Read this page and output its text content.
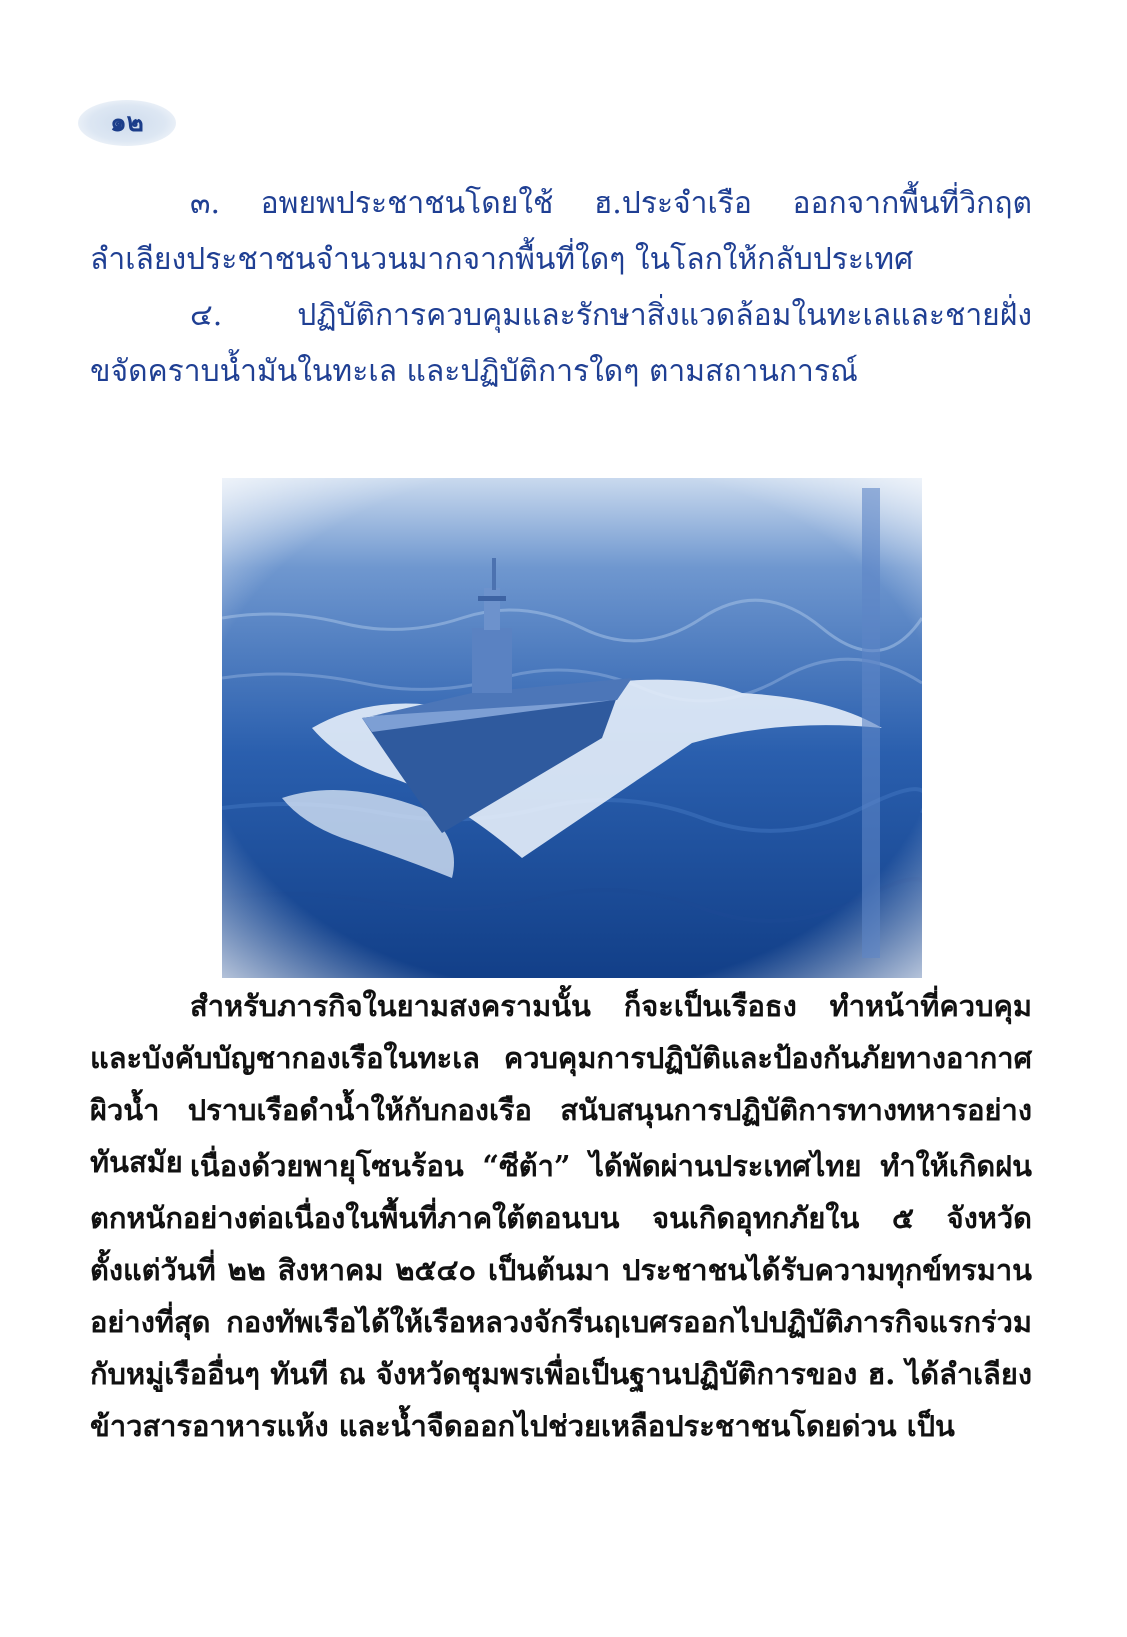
๑๒

๓. อพยพประชาชนโดยใช้ ฮ.ประจำเรือ ออกจากพื้นที่วิกฤต ลำเลียงประชาชนจำนวนมากจากพื้นที่ใดๆ ในโลกให้กลับประเทศ

๔. ปฏิบัติการควบคุมและรักษาสิ่งแวดล้อมในทะเลและชายฝั่ง ขจัดคราบน้ำมันในทะเล และปฏิบัติการใดๆ ตามสถานการณ์

สำหรับภารกิจในยามสงครามนั้น ก็จะเป็นเรือธง ทำหน้าที่ควบคุมและบังคับบัญชากองเรือในทะเล ควบคุมการปฏิบัติและป้องกันภัยทางอากาศ ผิวน้ำ ปราบเรือดำน้ำให้กับกองเรือ สนับสนุนการปฏิบัติการทางทหารอย่างทันสมัย เนื่องด้วยพายุโซนร้อน “ซีต้า” ได้พัดผ่านประเทศไทย ทำให้เกิดฝนตกหนักอย่างต่อเนื่องในพื้นที่ภาคใต้ตอนบน จนเกิดอุทกภัยใน ๕ จังหวัด ตั้งแต่วันที่ ๒๒ สิงหาคม ๒๕๔๐ เป็นต้นมา ประชาชนได้รับความทุกข์ทรมานอย่างที่สุด กองทัพเรือได้ให้เรือหลวงจักรีนฤเบศรออกไปปฏิบัติภารกิจแรกร่วมกับหมู่เรืออื่นๆ ทันที ณ จังหวัดชุมพรเพื่อเป็นฐานปฏิบัติการของ ฮ. ได้ลำเลียงข้าวสารอาหารแห้ง และน้ำจืดออกไปช่วยเหลือประชาชนโดยด่วน เป็น
